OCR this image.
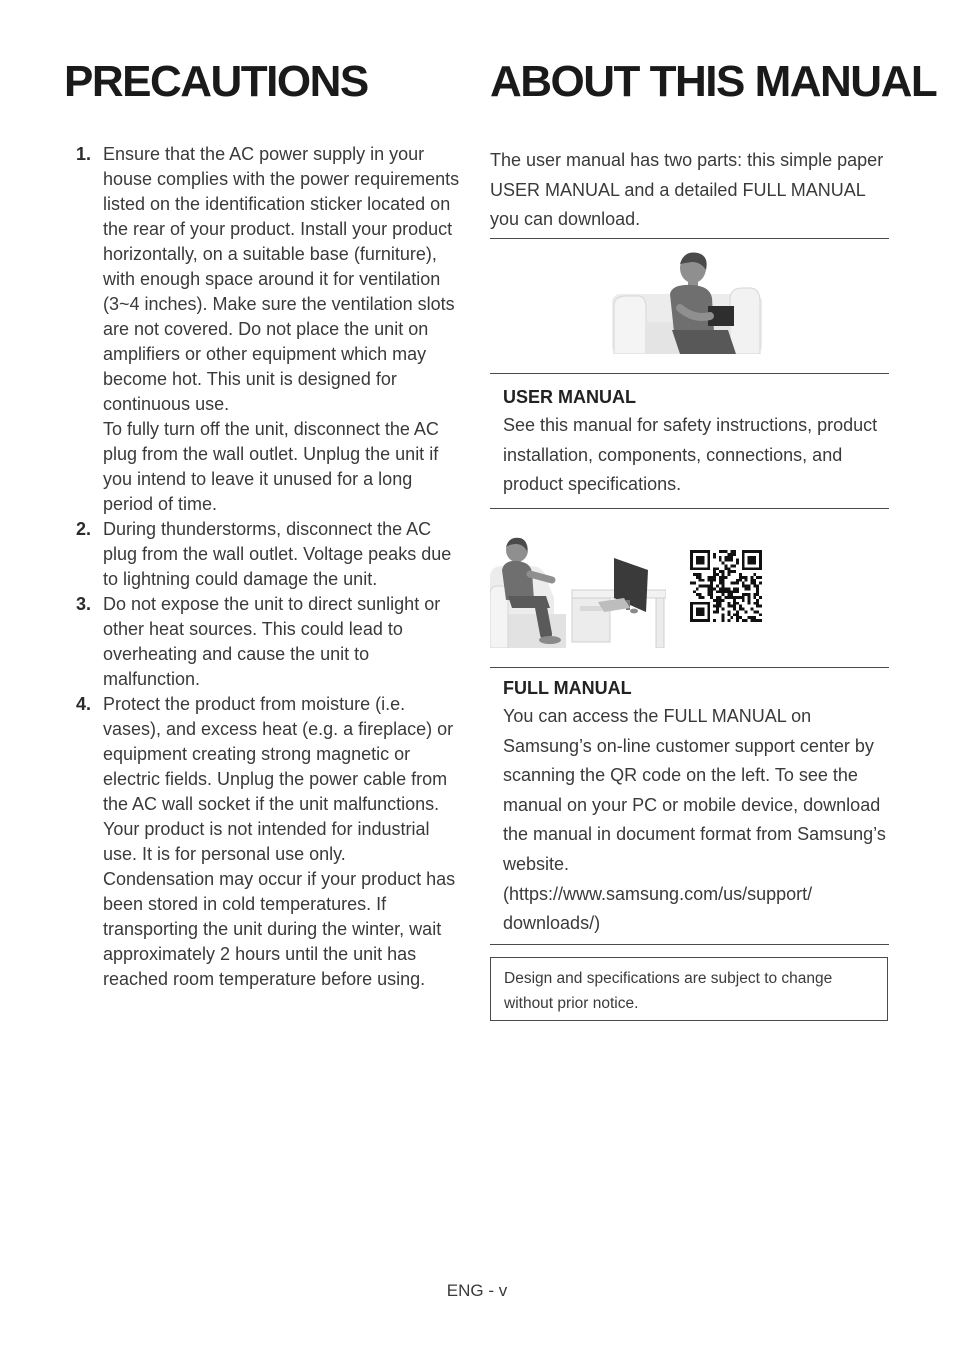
PRECAUTIONS	ABOUT THIS MANUAL
1. Ensure that the AC power supply in your house complies with the power requirements listed on the identification sticker located on the rear of your product. Install your product horizontally, on a suitable base (furniture), with enough space around it for ventilation (3~4 inches). Make sure the ventilation slots are not covered. Do not place the unit on amplifiers or other equipment which may become hot. This unit is designed for continuous use.

To fully turn off the unit, disconnect the AC plug from the wall outlet. Unplug the unit if you intend to leave it unused for a long period of time.

2. During thunderstorms, disconnect the AC plug from the wall outlet. Voltage peaks due to lightning could damage the unit.

3. Do not expose the unit to direct sunlight or other heat sources. This could lead to overheating and cause the unit to malfunction.

4. Protect the product from moisture (i.e. vases), and excess heat (e.g. a fireplace) or equipment creating strong magnetic or electric fields. Unplug the power cable from the AC wall socket if the unit malfunctions. Your product is not intended for industrial use. It is for personal use only. Condensation may occur if your product has been stored in cold temperatures. If transporting the unit during the winter, wait approximately 2 hours until the unit has reached room temperature before using.

The user manual has two parts: this simple paper USER MANUAL and a detailed FULL MANUAL you can download.

USER MANUAL

See this manual for safety instructions, product installation, components, connections, and product specifications.

FULL MANUAL

You can access the FULL MANUAL on Samsung’s on-line customer support center by scanning the QR code on the left. To see the manual on your PC or mobile device, download the manual in document format from Samsung’s website.

(https://www.samsung.com/us/support/ downloads/)

Design and specifications are subject to change without prior notice.

ENG - v
